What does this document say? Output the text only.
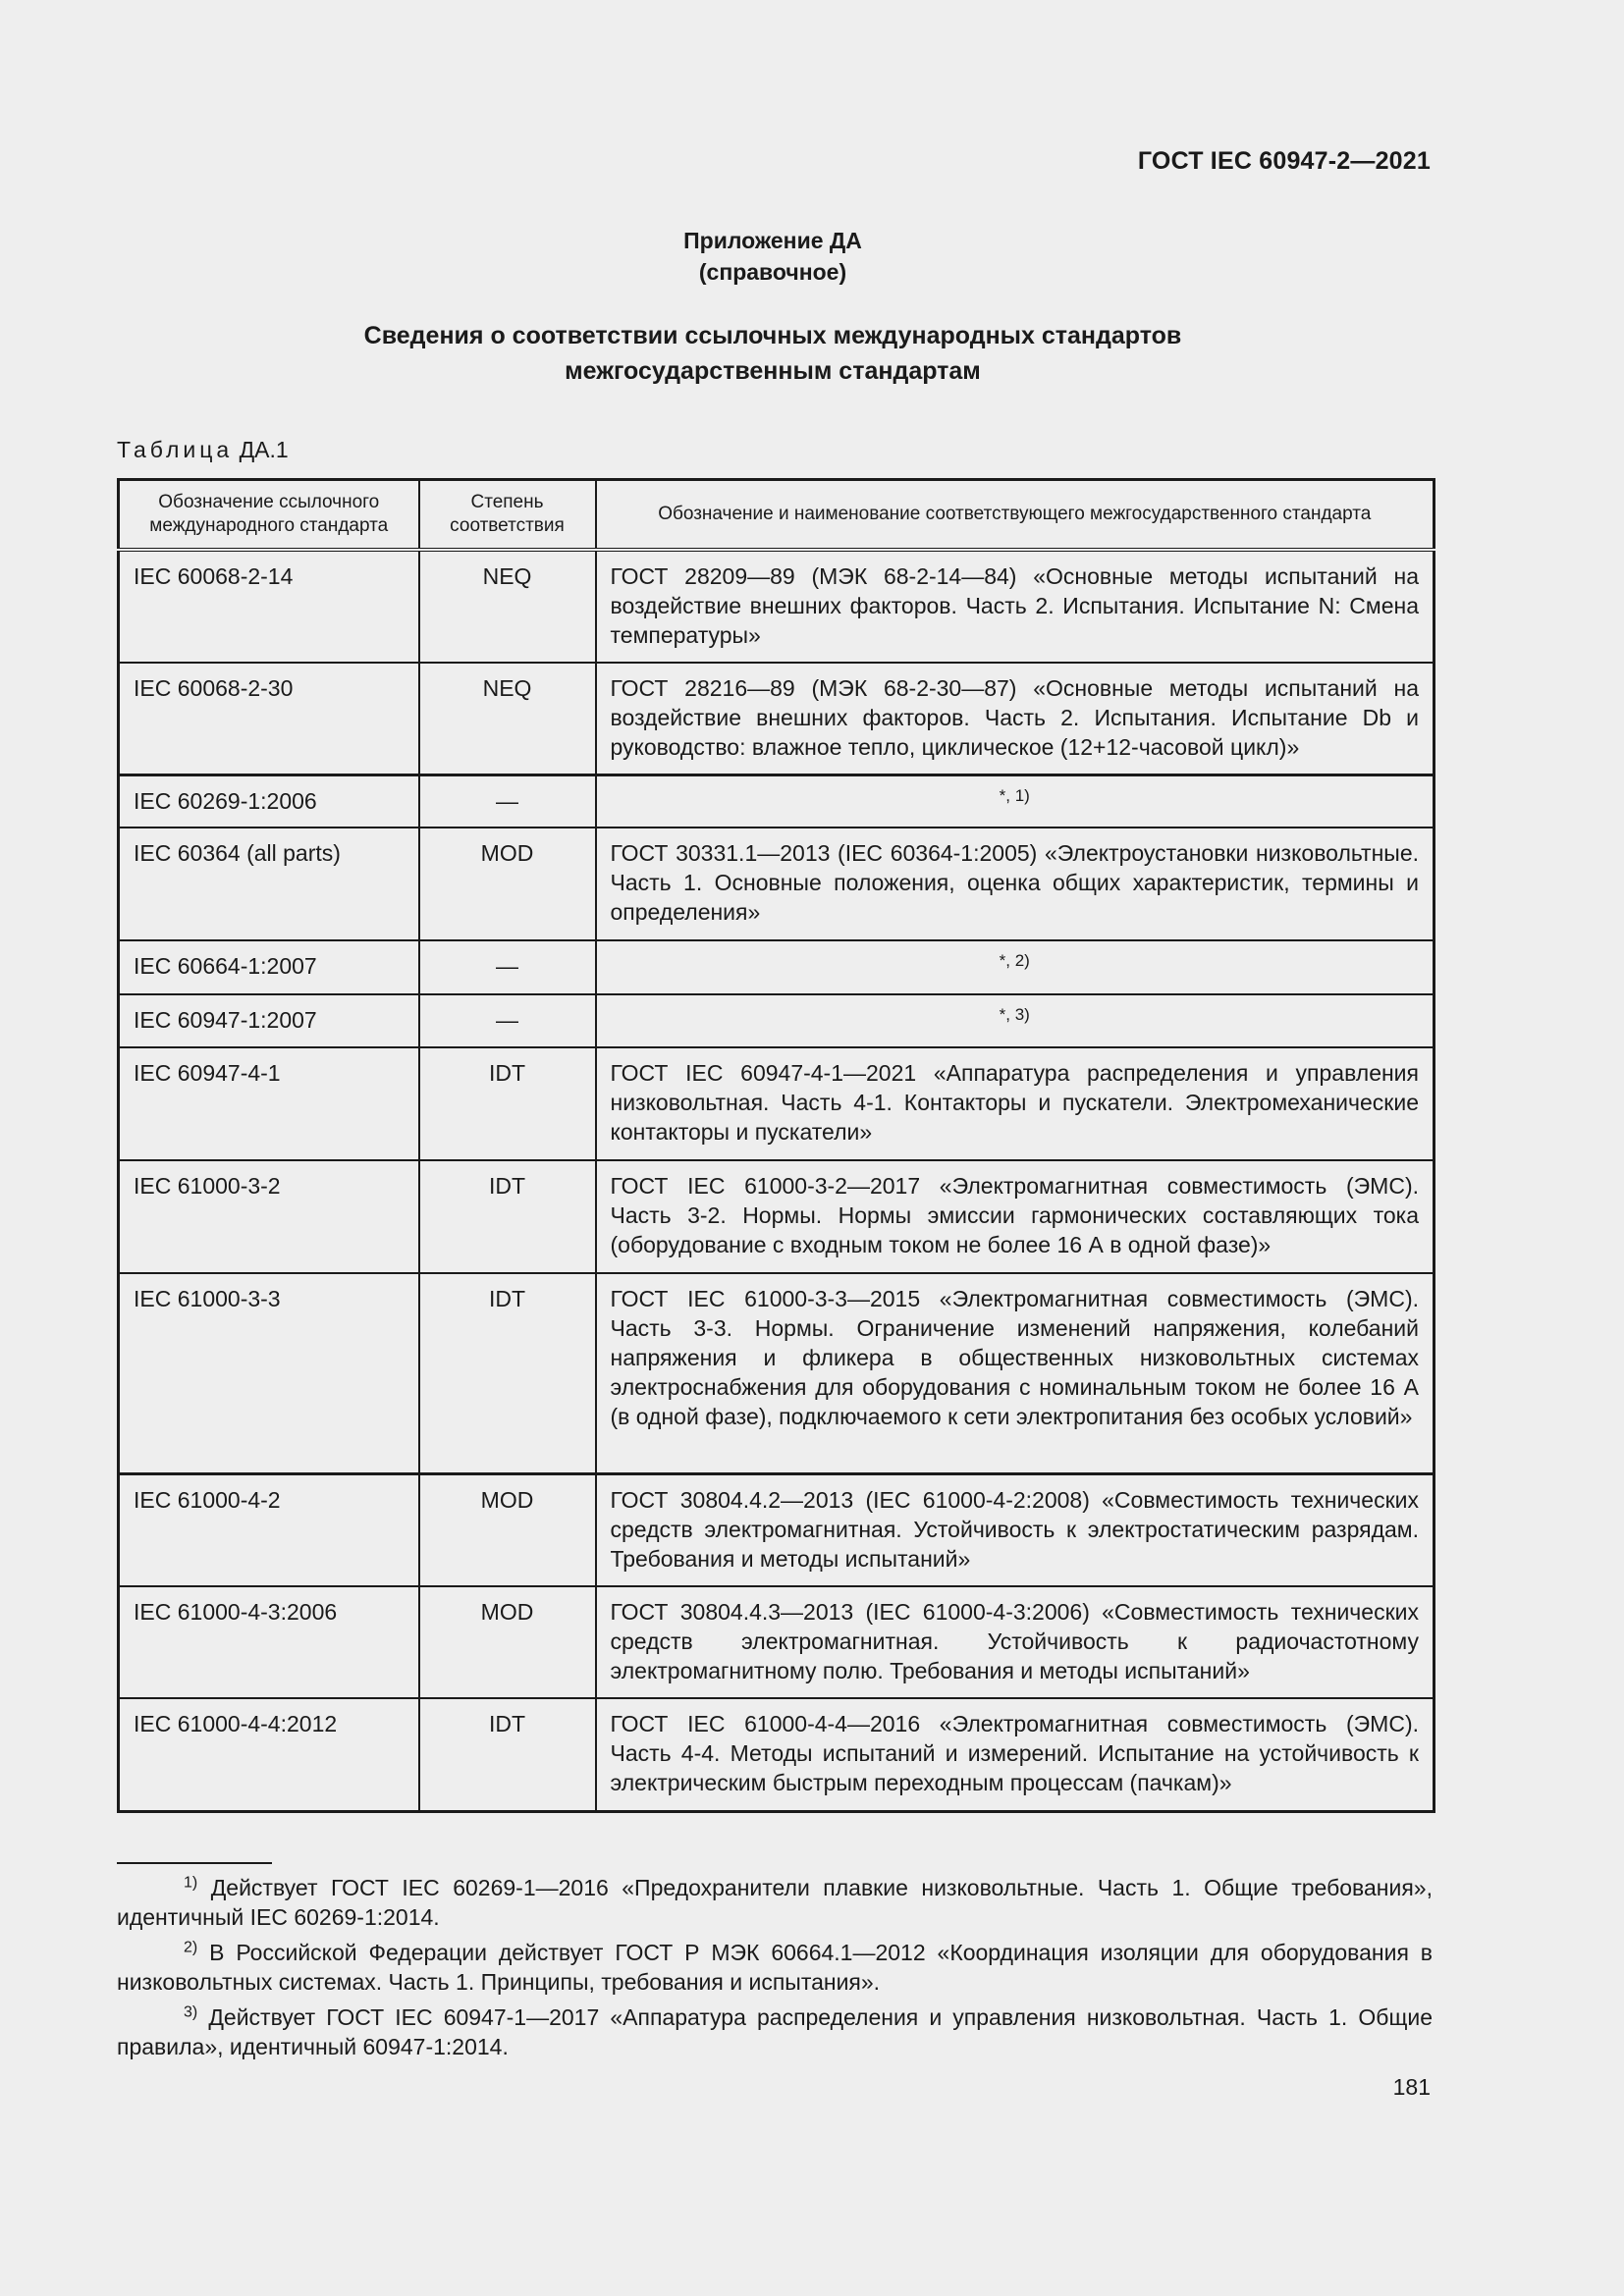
ГОСТ IEC 60947-2—2021
Приложение ДА
(справочное)
Сведения о соответствии ссылочных международных стандартов
межгосударственным стандартам
Таблица ДА.1
Обозначение ссылочного международного стандарта	Степень соответствия	Обозначение и наименование соответствующего межгосударственного стандарта
IEC 60068-2-14	NEQ	ГОСТ 28209—89 (МЭК 68-2-14—84) «Основные методы испытаний на воздействие внешних факторов. Часть 2. Испытания. Испытание N: Смена температуры»
IEC 60068-2-30	NEQ	ГОСТ 28216—89 (МЭК 68-2-30—87) «Основные методы испытаний на воздействие внешних факторов. Часть 2. Испытания. Испытание Db и руководство: влажное тепло, циклическое (12+12-часовой цикл)»
IEC 60269-1:2006	—	*, 1)
IEC 60364 (all parts)	MOD	ГОСТ 30331.1—2013 (IEC 60364-1:2005) «Электроустановки низковольтные. Часть 1. Основные положения, оценка общих характеристик, термины и определения»
IEC 60664-1:2007	—	*, 2)
IEC 60947-1:2007	—	*, 3)
IEC 60947-4-1	IDT	ГОСТ IEC 60947-4-1—2021 «Аппаратура распределения и управления низковольтная. Часть 4-1. Контакторы и пускатели. Электромеханические контакторы и пускатели»
IEC 61000-3-2	IDT	ГОСТ IEC 61000-3-2—2017 «Электромагнитная совместимость (ЭМС). Часть 3-2. Нормы. Нормы эмиссии гармонических составляющих тока (оборудование с входным током не более 16 А в одной фазе)»
IEC 61000-3-3	IDT	ГОСТ IEC 61000-3-3—2015 «Электромагнитная совместимость (ЭМС). Часть 3-3. Нормы. Ограничение изменений напряжения, колебаний напряжения и фликера в общественных низковольтных системах электроснабжения для оборудования с номинальным током не более 16 А (в одной фазе), подключаемого к сети электропитания без особых условий»
IEC 61000-4-2	MOD	ГОСТ 30804.4.2—2013 (IEC 61000-4-2:2008) «Совместимость технических средств электромагнитная. Устойчивость к электростатическим разрядам. Требования и методы испытаний»
IEC 61000-4-3:2006	MOD	ГОСТ 30804.4.3—2013 (IEC 61000-4-3:2006) «Совместимость технических средств электромагнитная. Устойчивость к радиочастотному электромагнитному полю. Требования и методы испытаний»
IEC 61000-4-4:2012	IDT	ГОСТ IEC 61000-4-4—2016 «Электромагнитная совместимость (ЭМС). Часть 4-4. Методы испытаний и измерений. Испытание на устойчивость к электрическим быстрым переходным процессам (пачкам)»
$^{1)}$ Действует ГОСТ IEC 60269-1—2016 «Предохранители плавкие низковольтные. Часть 1. Общие требования», идентичный IEC 60269-1:2014.
$^{2)}$ В Российской Федерации действует ГОСТ Р МЭК 60664.1—2012 «Координация изоляции для оборудования в низковольтных системах. Часть 1. Принципы, требования и испытания».
$^{3)}$ Действует ГОСТ IEC 60947-1—2017 «Аппаратура распределения и управления низковольтная. Часть 1. Общие правила», идентичный 60947-1:2014.
181
